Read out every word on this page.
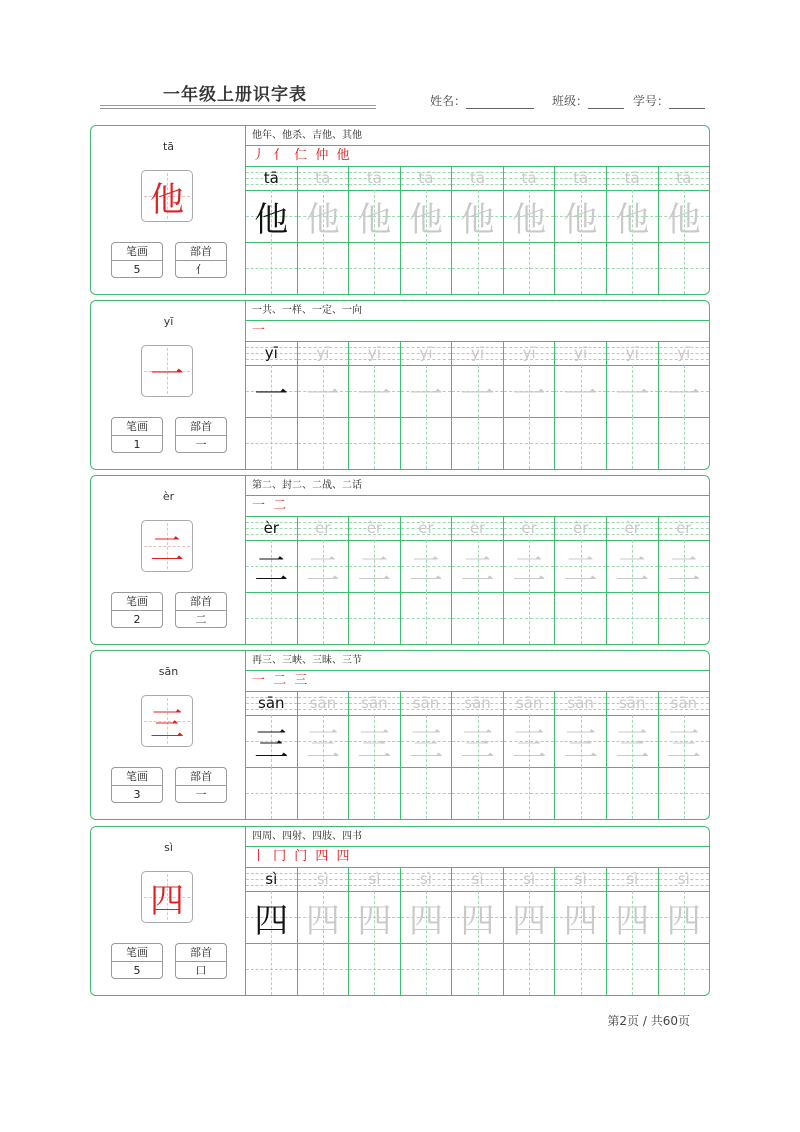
一年级上册识字表	姓名：	班级：	学号：
tā
他
笔画
5
部首
亻
他年、他杀、吉他、其他
丿 亻 仁 仲 他
tā
他
tā
他
tā
他
tā
他
tā
他
tā
他
tā
他
tā
他
tā
他
yī
一
笔画
1
部首
一
一共、一样、一定、一向
一
yī
一
yī
一
yī
一
yī
一
yī
一
yī
一
yī
一
yī
一
yī
一
èr
二
笔画
2
部首
二
第二、封二、二战、二话
一 二
èr
二
èr
二
èr
二
èr
二
èr
二
èr
二
èr
二
èr
二
èr
二
sān
三
笔画
3
部首
一
再三、三峡、三昧、三节
一 二 三
sān
三
sān
三
sān
三
sān
三
sān
三
sān
三
sān
三
sān
三
sān
三
sì
四
笔画
5
部首
口
四周、四射、四肢、四书
丨 冂 门 四 四
sì
四
sì
四
sì
四
sì
四
sì
四
sì
四
sì
四
sì
四
sì
四
第2页 / 共60页
